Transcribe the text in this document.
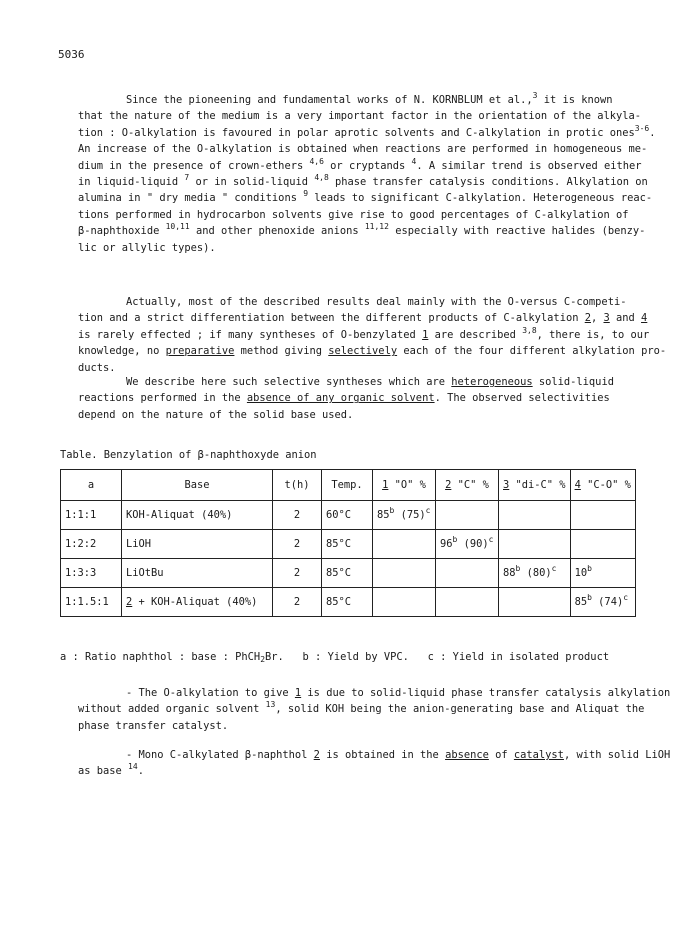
5036
Since the pioneening and fundamental works of N. KORNBLUM et al.,$^3$ it is known
that the nature of the medium is a very important factor in the orientation of the alkyla-
tion : O-alkylation is favoured in polar aprotic solvents and C-alkylation in protic ones$^{3-6}$.
An increase of the O-alkylation is obtained when reactions are performed in homogeneous me-
dium in the presence of crown-ethers $^{4,6}$ or cryptands $^4$. A similar trend is observed either
in liquid-liquid $^7$ or in solid-liquid $^{4,8}$ phase transfer catalysis conditions. Alkylation on
alumina in " dry media " conditions $^9$ leads to significant C-alkylation. Heterogeneous reac-
tions performed in hydrocarbon solvents give rise to good percentages of C-alkylation of
β-naphthoxide $^{10,11}$ and other phenoxide anions $^{11,12}$ especially with reactive halides (benzy-
lic or allylic types).
Actually, most of the described results deal mainly with the O-versus C-competi-
tion and a strict differentiation between the different products of C-alkylation 2, 3 and 4
is rarely effected ; if many syntheses of O-benzylated 1 are described $^{3,8}$, there is, to our
knowledge, no preparative method giving selectively each of the four different alkylation pro-
ducts.
We describe here such selective syntheses which are heterogeneous solid-liquid
reactions performed in the absence of any organic solvent. The observed selectivities
depend on the nature of the solid base used.
Table. Benzylation of β-naphthoxyde anion
a	Base	t(h)	Temp.	1 "O" %	2 "C" %	3 "di-C" %	4 "C-O" %
1:1:1	KOH-Aliquat (40%)	2	60°C	85$^b$ $(75)^c$			
1:2:2	LiOH	2	85°C		96$^b$ $(90)^c$		
1:3:3	LiOtBu	2	85°C			88$^b$ $(80)^c$	10$^b$
1:1.5:1	2 + KOH-Aliquat (40%)	2	85°C				85$^b$ $(74)^c$
a : Ratio naphthol : base : PhCH$_2$Br.   b : Yield by VPC.   c : Yield in isolated product
- The O-alkylation to give 1 is due to solid-liquid phase transfer catalysis alkylation
without added organic solvent $^{13}$, solid KOH being the anion-generating base and Aliquat the
phase transfer catalyst.
- Mono C-alkylated β-naphthol 2 is obtained in the absence of catalyst, with solid LiOH
as base $^{14}$.
